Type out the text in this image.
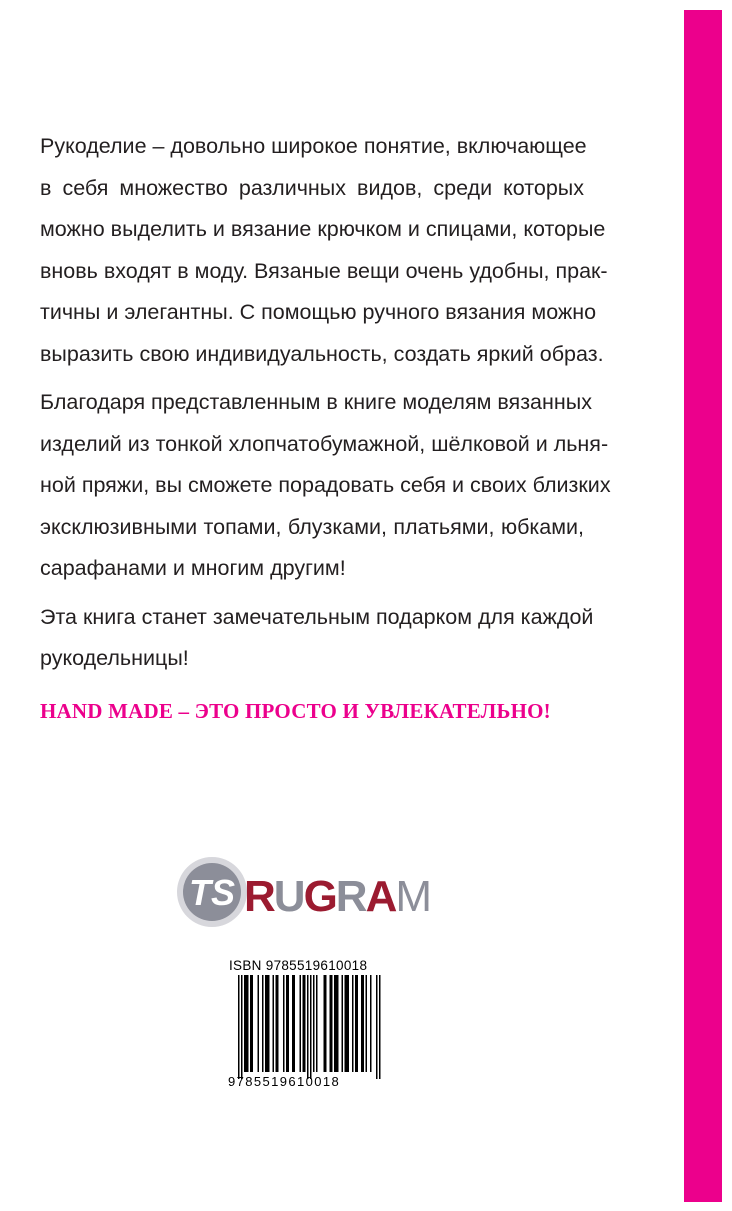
Рукоделие – довольно широкое понятие, включающее
в себя множество различных видов, среди которых
можно выделить и вязание крючком и спицами, которые
вновь входят в моду. Вязаные вещи очень удобны, прак-
тичны и элегантны. С помощью ручного вязания можно
выразить свою индивидуальность, создать яркий образ.

Благодаря представленным в книге моделям вязанных
изделий из тонкой хлопчатобумажной, шёлковой и льня-
ной пряжи, вы сможете порадовать себя и своих близких
эксклюзивными топами, блузками, платьями, юбками,
сарафанами и многим другим!

Эта книга станет замечательным подарком для каждой
рукодельницы!

HAND MADE – ЭТО ПРОСТО И УВЛЕКАТЕЛЬНО!
TS RUGRAM
ISBN 9785519610018
9785519610018
